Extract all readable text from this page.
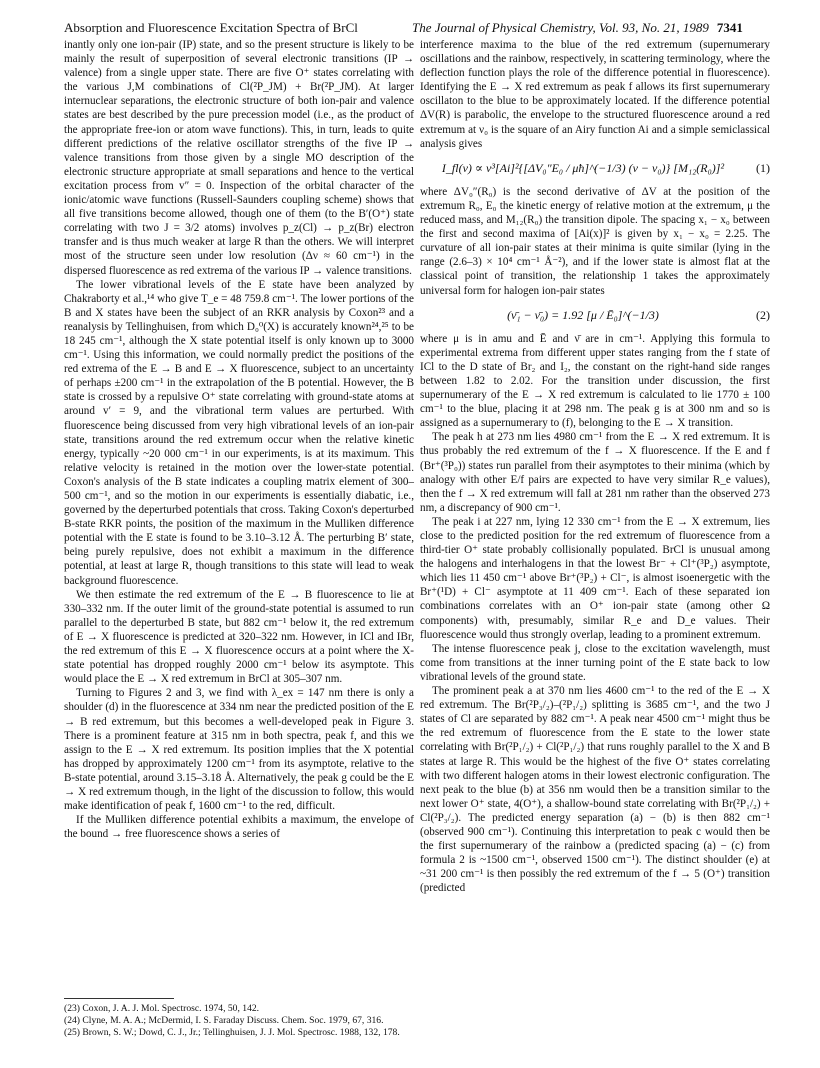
Absorption and Fluorescence Excitation Spectra of BrCl	The Journal of Physical Chemistry, Vol. 93, No. 21, 1989 7341

inantly only one ion-pair (IP) state, and so the present structure is likely to be mainly the result of superposition of several electronic transitions (IP → valence) from a single upper state. There are five O⁺ states correlating with the various J,M combinations of Cl(²P_JM) + Br(²P_JM). At larger internuclear separations, the electronic structure of both ion-pair and valence states are best described by the pure precession model (i.e., as the product of the appropriate free-ion or atom wave functions). This, in turn, leads to quite different predictions of the relative oscillator strengths of the five IP → valence transitions from those given by a single MO description of the electronic structure appropriate at small separations and hence to the vertical excitation process from v″ = 0. Inspection of the orbital character of the ionic/atomic wave functions (Russell-Saunders coupling scheme) shows that all five transitions become allowed, though one of them (to the B′(O⁺) state correlating with two J = 3/2 atoms) involves p_z(Cl) → p_z(Br) electron transfer and is thus much weaker at large R than the others. We will interpret most of the structure seen under low resolution (Δν ≈ 60 cm⁻¹) in the dispersed fluorescence as red extrema of the various IP → valence transitions.

The lower vibrational levels of the E state have been analyzed by Chakraborty et al.,¹⁴ who give T_e = 48 759.8 cm⁻¹. The lower portions of the B and X states have been the subject of an RKR analysis by Coxon²³ and a reanalysis by Tellinghuisen, from which D₀⁰(X) is accurately known²⁴,²⁵ to be 18 245 cm⁻¹, although the X state potential itself is only known up to 3000 cm⁻¹. Using this information, we could normally predict the positions of the red extrema of the E → B and E → X fluorescence, subject to an uncertainty of perhaps ±200 cm⁻¹ in the extrapolation of the B potential. However, the B state is crossed by a repulsive O⁺ state correlating with ground-state atoms at around v′ = 9, and the vibrational term values are perturbed. With fluorescence being discussed from very high vibrational levels of an ion-pair state, transitions around the red extremum occur when the relative kinetic energy, typically ~20 000 cm⁻¹ in our experiments, is at its maximum. This relative velocity is retained in the motion over the lower-state potential. Coxon's analysis of the B state indicates a coupling matrix element of 300–500 cm⁻¹, and so the motion in our experiments is essentially diabatic, i.e., governed by the deperturbed potentials that cross. Taking Coxon's deperturbed B-state RKR points, the position of the maximum in the Mulliken difference potential with the E state is found to be 3.10–3.12 Å. The perturbing B′ state, being purely repulsive, does not exhibit a maximum in the difference potential, at least at large R, though transitions to this state will lead to weak background fluorescence.

We then estimate the red extremum of the E → B fluorescence to lie at 330–332 nm. If the outer limit of the ground-state potential is assumed to run parallel to the deperturbed B state, but 882 cm⁻¹ below it, the red extremum of E → X fluorescence is predicted at 320–322 nm. However, in ICl and IBr, the red extremum of this E → X fluorescence occurs at a point where the X-state potential has dropped roughly 2000 cm⁻¹ below its asymptote. This would place the E → X red extremum in BrCl at 305–307 nm.

Turning to Figures 2 and 3, we find with λ_ex = 147 nm there is only a shoulder (d) in the fluorescence at 334 nm near the predicted position of the E → B red extremum, but this becomes a well-developed peak in Figure 3. There is a prominent feature at 315 nm in both spectra, peak f, and this we assign to the E → X red extremum. Its position implies that the X potential has dropped by approximately 1200 cm⁻¹ from its asymptote, relative to the B-state potential, around 3.15–3.18 Å. Alternatively, the peak g could be the E → X red extremum though, in the light of the discussion to follow, this would make identification of peak f, 1600 cm⁻¹ to the red, difficult.

If the Mulliken difference potential exhibits a maximum, the envelope of the bound → free fluorescence shows a series of

(23) Coxon, J. A. J. Mol. Spectrosc. 1974, 50, 142.

(24) Clyne, M. A. A.; McDermid, I. S. Faraday Discuss. Chem. Soc. 1979, 67, 316.

(25) Brown, S. W.; Dowd, C. J., Jr.; Tellinghuisen, J. J. Mol. Spectrosc. 1988, 132, 178.

interference maxima to the blue of the red extremum (supernumerary oscillations and the rainbow, respectively, in scattering terminology, where the deflection function plays the role of the difference potential in fluorescence). Identifying the E → X red extremum as peak f allows its first supernumerary oscillaton to the blue to be approximately located. If the difference potential ΔV(R) is parabolic, the envelope to the structured fluorescence around a red extremum at ν₀ is the square of an Airy function Ai and a simple semiclassical analysis gives

I_fl(ν) ∝ ν³[Ai]²{[ΔV₀″E₀ / μħ]^(−1/3) (ν − ν₀)} [M₁₂(R₀)]²	(1)

where ΔV₀″(R₀) is the second derivative of ΔV at the position of the extremum R₀, E₀ the kinetic energy of relative motion at the extremum, μ the reduced mass, and M₁₂(R₀) the transition dipole. The spacing x₁ − x₀ between the first and second maxima of [Ai(x)]² is given by x₁ − x₀ = 2.25. The curvature of all ion-pair states at their minima is quite similar (lying in the range (2.6–3) × 10⁴ cm⁻¹ Å⁻²), and if the lower state is almost flat at the classical point of transition, the relationship 1 takes the approximately universal form for halogen ion-pair states

(ν̄₁ − ν̄₀) = 1.92 [μ / Ē₀]^(−1/3)	(2)

where μ is in amu and Ē and ν̄ are in cm⁻¹. Applying this formula to experimental extrema from different upper states ranging from the f state of ICl to the D state of Br₂ and I₂, the constant on the right-hand side ranges between 1.82 to 2.02. For the transition under discussion, the first supernumerary of the E → X red extremum is calculated to lie 1770 ± 100 cm⁻¹ to the blue, placing it at 298 nm. The peak g is at 300 nm and so is assigned as a supernumerary to (f), belonging to the E → X transition.

The peak h at 273 nm lies 4980 cm⁻¹ from the E → X red extremum. It is thus probably the red extremum of the f → X fluorescence. If the E and f (Br⁺(³P₀)) states run parallel from their asymptotes to their minima (which by analogy with other E/f pairs are expected to have very similar R_e values), then the f → X red extremum will fall at 281 nm rather than the observed 273 nm, a discrepancy of 900 cm⁻¹.

The peak i at 227 nm, lying 12 330 cm⁻¹ from the E → X extremum, lies close to the predicted position for the red extremum of fluorescence from a third-tier O⁺ state probably collisionally populated. BrCl is unusual among the halogens and interhalogens in that the lowest Br⁻ + Cl⁺(³P₂) asymptote, which lies 11 450 cm⁻¹ above Br⁺(³P₂) + Cl⁻, is almost isoenergetic with the Br⁺(¹D) + Cl⁻ asymptote at 11 409 cm⁻¹. Each of these separated ion combinations correlates with an O⁺ ion-pair state (among other Ω components) with, presumably, similar R_e and D_e values. Their fluorescence would thus strongly overlap, leading to a prominent extremum.

The intense fluorescence peak j, close to the excitation wavelength, must come from transitions at the inner turning point of the E state back to low vibrational levels of the ground state.

The prominent peak a at 370 nm lies 4600 cm⁻¹ to the red of the E → X red extremum. The Br(²P₃/₂)–(²P₁/₂) splitting is 3685 cm⁻¹, and the two J states of Cl are separated by 882 cm⁻¹. A peak near 4500 cm⁻¹ might thus be the red extremum of fluorescence from the E state to the lower state correlating with Br(²P₁/₂) + Cl(²P₁/₂) that runs roughly parallel to the X and B states at large R. This would be the highest of the five O⁺ states correlating with two different halogen atoms in their lowest electronic configuration. The next peak to the blue (b) at 356 nm would then be a transition similar to the next lower O⁺ state, 4(O⁺), a shallow-bound state correlating with Br(²P₁/₂) + Cl(²P₃/₂). The predicted energy separation (a) − (b) is then 882 cm⁻¹ (observed 900 cm⁻¹). Continuing this interpretation to peak c would then be the first supernumerary of the rainbow a (predicted spacing (a) − (c) from formula 2 is ~1500 cm⁻¹, observed 1500 cm⁻¹). The distinct shoulder (e) at ~31 200 cm⁻¹ is then possibly the red extremum of the f → 5 (O⁺) transition (predicted
